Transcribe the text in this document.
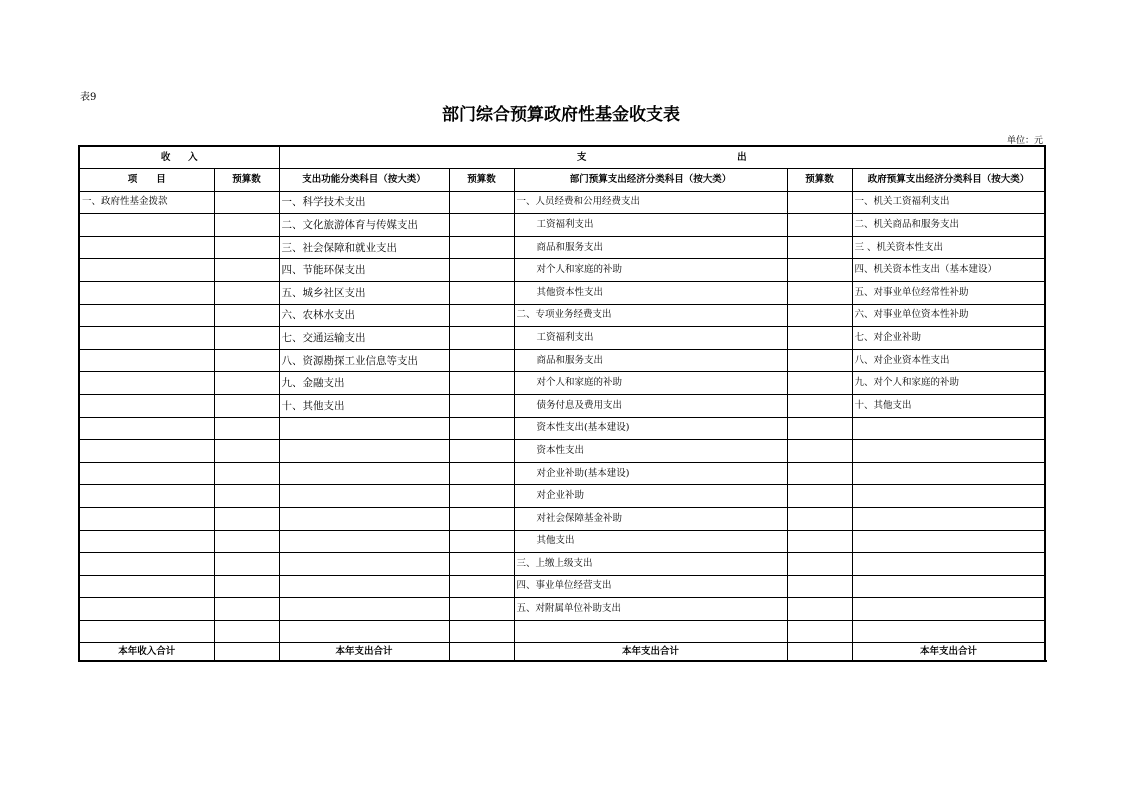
表9
部门综合预算政府性基金收支表
单位：元
收 入		支 出					

项　　目	预算数	支出功能分类科目（按大类）	预算数	部门预算支出经济分类科目（按大类）	预算数	政府预算支出经济分类科目（按大类）	
一、政府性基金拨款		一、科学技术支出		一、人员经费和公用经费支出		一、机关工资福利支出	
		二、文化旅游体育与传媒支出		工资福利支出		二、机关商品和服务支出	
		三、社会保障和就业支出		商品和服务支出		三 、机关资本性支出	
		四、节能环保支出		对个人和家庭的补助		四、机关资本性支出（基本建设）	
		五、城乡社区支出		其他资本性支出		五、对事业单位经常性补助	
		六、农林水支出		二、专项业务经费支出		六、对事业单位资本性补助	
		七、交通运输支出		工资福利支出		七、对企业补助	
		八、资源勘探工业信息等支出		商品和服务支出		八、对企业资本性支出	
		九、金融支出		对个人和家庭的补助		九、对个人和家庭的补助	
		十、其他支出		债务付息及费用支出		十、其他支出	
				资本性支出(基本建设)			
				资本性支出			
				对企业补助(基本建设)			
				对企业补助			
				对社会保障基金补助			
				其他支出			
				三、上缴上级支出			
				四、事业单位经营支出			
				五、对附属单位补助支出			

本年收入合计		本年支出合计		本年支出合计		本年支出合计	
